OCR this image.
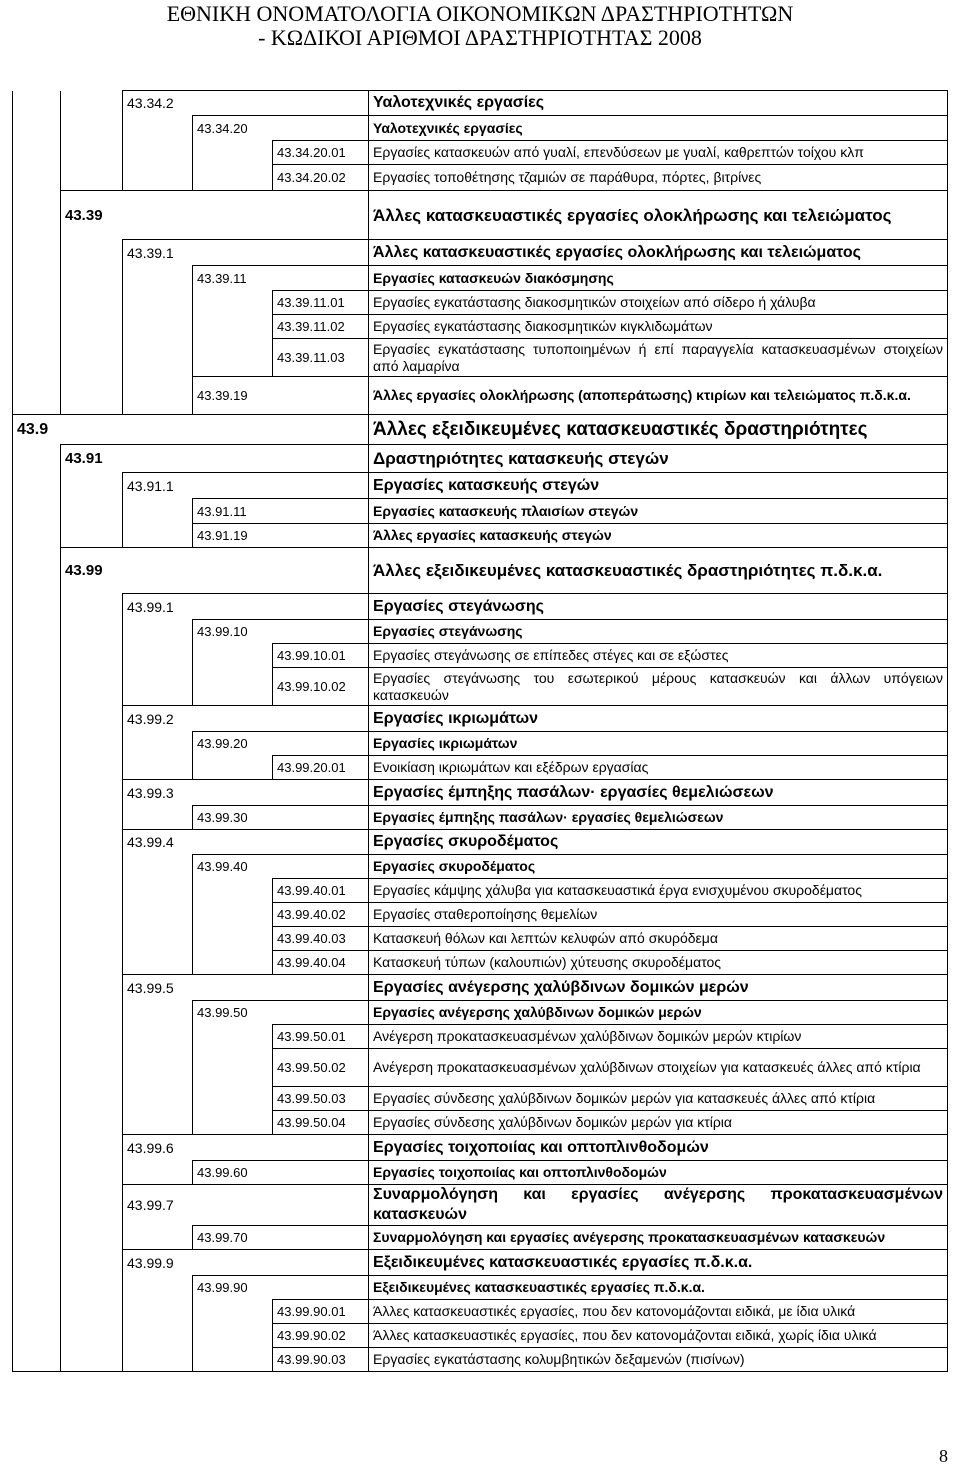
ΕΘΝΙΚΗ ΟΝΟΜΑΤΟΛΟΓΙΑ ΟΙΚΟΝΟΜΙΚΩΝ ΔΡΑΣΤΗΡΙΟΤΗΤΩΝ
- ΚΩΔΙΚΟΙ ΑΡΙΘΜΟΙ ΔΡΑΣΤΗΡΙΟΤΗΤΑΣ 2008
		43.34.2			Υαλοτεχνικές εργασίες
			43.34.20		Υαλοτεχνικές εργασίες
				43.34.20.01	Εργασίες κατασκευών από γυαλί, επενδύσεων με γυαλί, καθρεπτών τοίχου κλπ
				43.34.20.02	Εργασίες τοποθέτησης τζαμιών σε παράθυρα, πόρτες, βιτρίνες
	43.39				Άλλες κατασκευαστικές εργασίες ολοκλήρωσης και τελειώματος
		43.39.1			Άλλες κατασκευαστικές εργασίες ολοκλήρωσης και τελειώματος
			43.39.11		Εργασίες κατασκευών διακόσμησης
				43.39.11.01	Εργασίες εγκατάστασης διακοσμητικών στοιχείων από σίδερο ή χάλυβα
				43.39.11.02	Εργασίες εγκατάστασης διακοσμητικών κιγκλιδωμάτων
				43.39.11.03	Εργασίες εγκατάστασης τυποποιημένων ή επί παραγγελία κατασκευασμένων στοιχείων από λαμαρίνα
			43.39.19		Άλλες εργασίες ολοκλήρωσης (αποπεράτωσης) κτιρίων και τελειώματος π.δ.κ.α.
43.9					Άλλες εξειδικευμένες κατασκευαστικές δραστηριότητες
	43.91				Δραστηριότητες κατασκευής στεγών
		43.91.1			Εργασίες κατασκευής στεγών
			43.91.11		Εργασίες κατασκευής πλαισίων στεγών
			43.91.19		Άλλες εργασίες κατασκευής στεγών
	43.99				Άλλες εξειδικευμένες κατασκευαστικές δραστηριότητες π.δ.κ.α.
		43.99.1			Εργασίες στεγάνωσης
			43.99.10		Εργασίες στεγάνωσης
				43.99.10.01	Εργασίες στεγάνωσης σε επίπεδες στέγες και σε εξώστες
				43.99.10.02	Εργασίες στεγάνωσης του εσωτερικού μέρους κατασκευών και άλλων υπόγειων κατασκευών
		43.99.2			Εργασίες ικριωμάτων
			43.99.20		Εργασίες ικριωμάτων
				43.99.20.01	Ενοικίαση ικριωμάτων και εξέδρων εργασίας
		43.99.3			Εργασίες έμπηξης πασάλων· εργασίες θεμελιώσεων
			43.99.30		Εργασίες έμπηξης πασάλων· εργασίες θεμελιώσεων
		43.99.4			Εργασίες σκυροδέματος
			43.99.40		Εργασίες σκυροδέματος
				43.99.40.01	Εργασίες κάμψης χάλυβα για κατασκευαστικά έργα ενισχυμένου σκυροδέματος
				43.99.40.02	Εργασίες σταθεροποίησης θεμελίων
				43.99.40.03	Κατασκευή θόλων και λεπτών κελυφών από σκυρόδεμα
				43.99.40.04	Κατασκευή τύπων (καλουπιών) χύτευσης σκυροδέματος
		43.99.5			Εργασίες ανέγερσης χαλύβδινων δομικών μερών
			43.99.50		Εργασίες ανέγερσης χαλύβδινων δομικών μερών
				43.99.50.01	Ανέγερση προκατασκευασμένων χαλύβδινων δομικών μερών κτιρίων
				43.99.50.02	Ανέγερση προκατασκευασμένων χαλύβδινων στοιχείων για κατασκευές άλλες από κτίρια
				43.99.50.03	Εργασίες σύνδεσης χαλύβδινων δομικών μερών για κατασκευές άλλες από κτίρια
				43.99.50.04	Εργασίες σύνδεσης χαλύβδινων δομικών μερών για κτίρια
		43.99.6			Εργασίες τοιχοποιίας και οπτοπλινθοδομών
			43.99.60		Εργασίες τοιχοποιίας και οπτοπλινθοδομών
		43.99.7			Συναρμολόγηση και εργασίες ανέγερσης προκατασκευασμένων κατασκευών
			43.99.70		Συναρμολόγηση και εργασίες ανέγερσης προκατασκευασμένων κατασκευών
		43.99.9			Εξειδικευμένες κατασκευαστικές εργασίες π.δ.κ.α.
			43.99.90		Εξειδικευμένες κατασκευαστικές εργασίες π.δ.κ.α.
				43.99.90.01	Άλλες κατασκευαστικές εργασίες, που δεν κατονομάζονται ειδικά, με ίδια υλικά
				43.99.90.02	Άλλες κατασκευαστικές εργασίες, που δεν κατονομάζονται ειδικά, χωρίς ίδια υλικά
				43.99.90.03	Εργασίες εγκατάστασης κολυμβητικών δεξαμενών (πισίνων)
8
